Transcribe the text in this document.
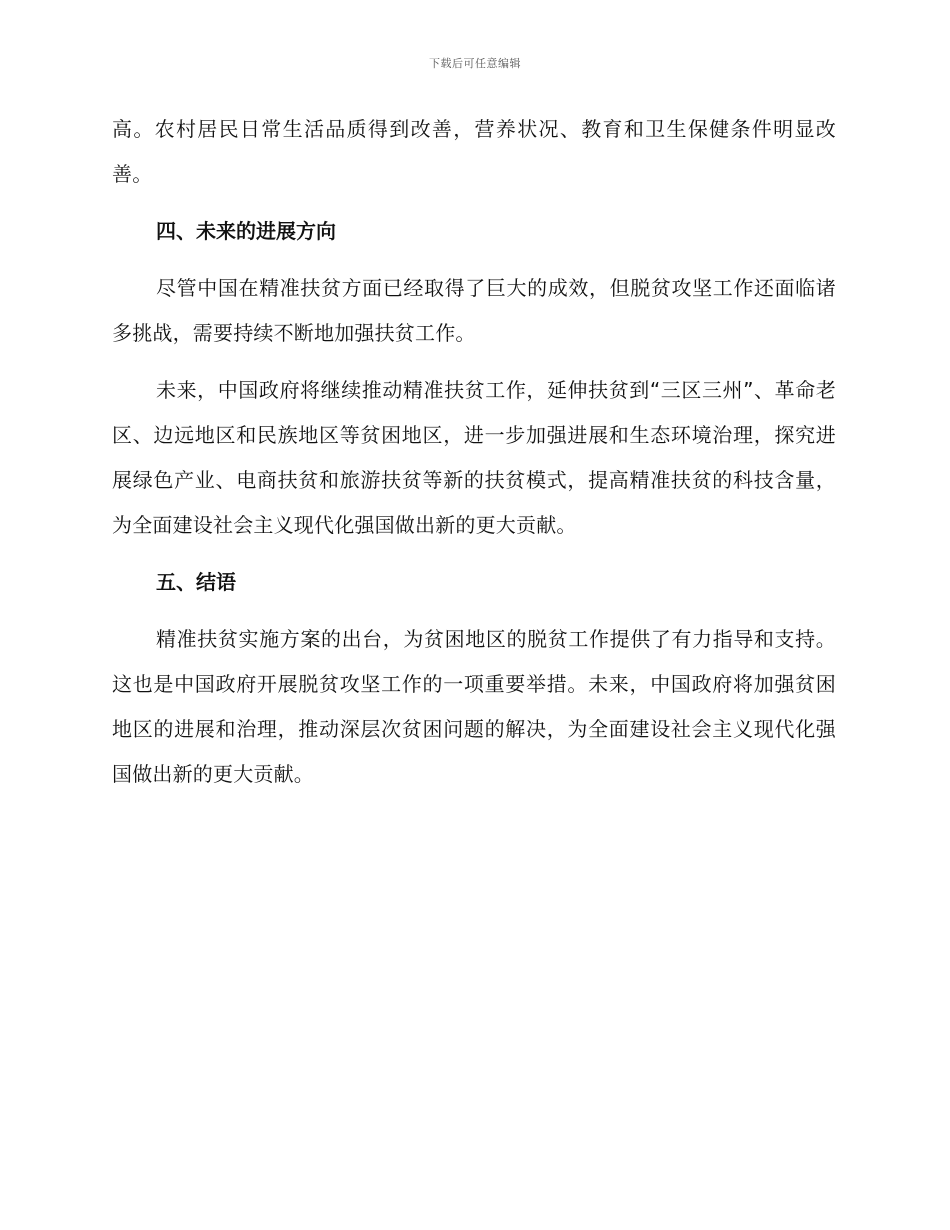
下载后可任意编辑

高。农村居民日常生活品质得到改善，营养状况、教育和卫生保健条件明显改善。

四、未来的进展方向

尽管中国在精准扶贫方面已经取得了巨大的成效，但脱贫攻坚工作还面临诸多挑战，需要持续不断地加强扶贫工作。

未来，中国政府将继续推动精准扶贫工作，延伸扶贫到“三区三州”、革命老区、边远地区和民族地区等贫困地区，进一步加强进展和生态环境治理，探究进展绿色产业、电商扶贫和旅游扶贫等新的扶贫模式，提高精准扶贫的科技含量，为全面建设社会主义现代化强国做出新的更大贡献。

五、结语

精准扶贫实施方案的出台，为贫困地区的脱贫工作提供了有力指导和支持。这也是中国政府开展脱贫攻坚工作的一项重要举措。未来，中国政府将加强贫困地区的进展和治理，推动深层次贫困问题的解决，为全面建设社会主义现代化强国做出新的更大贡献。
